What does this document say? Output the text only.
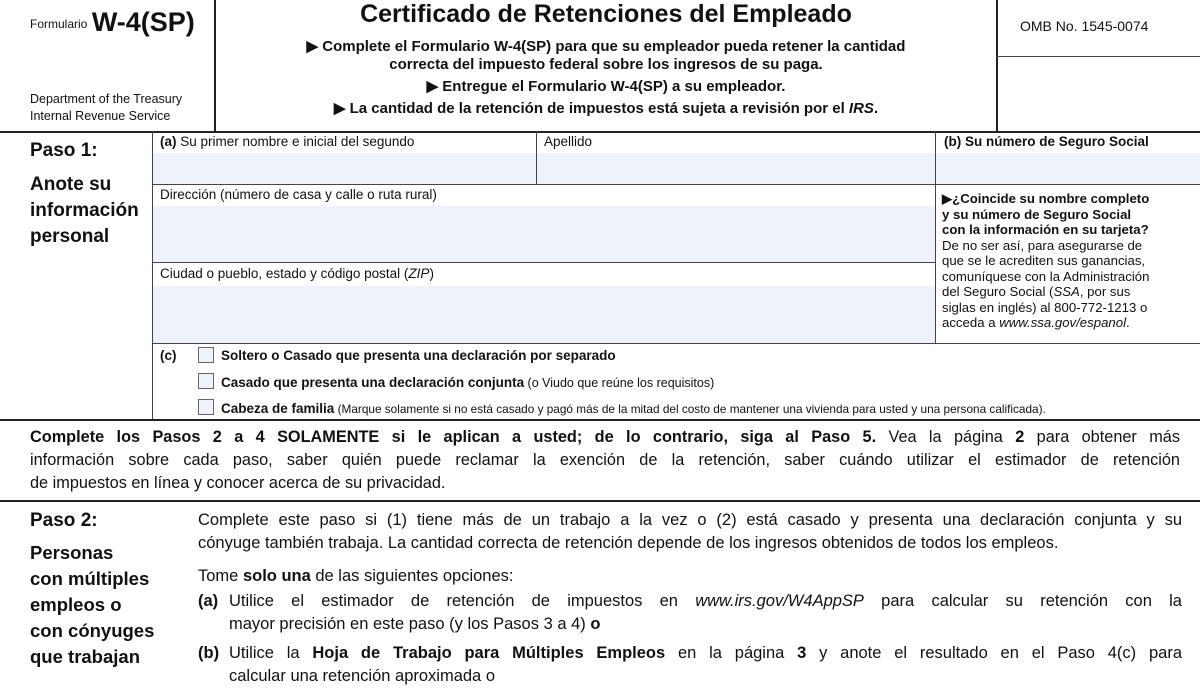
Formulario W-4(SP)
Department of the Treasury
Internal Revenue Service
Certificado de Retenciones del Empleado
▶ Complete el Formulario W-4(SP) para que su empleador pueda retener la cantidad
correcta del impuesto federal sobre los ingresos de su paga.
▶ Entregue el Formulario W-4(SP) a su empleador.
▶ La cantidad de la retención de impuestos está sujeta a revisión por el IRS.
OMB No. 1545-0074
Paso 1:
Anote su
información
personal
(a) Su primer nombre e inicial del segundo	Apellido	(b) Su número de Seguro Social
Dirección (número de casa y calle o ruta rural)
Ciudad o pueblo, estado y código postal (ZIP)
▶¿Coincide su nombre completo
y su número de Seguro Social
con la información en su tarjeta?
De no ser así, para asegurarse de
que se le acrediten sus ganancias,
comuníquese con la Administración
del Seguro Social (SSA, por sus
siglas en inglés) al 800-772-1213 o
acceda a www.ssa.gov/espanol.
(c)	Soltero o Casado que presenta una declaración por separado
Casado que presenta una declaración conjunta (o Viudo que reúne los requisitos)
Cabeza de familia (Marque solamente si no está casado y pagó más de la mitad del costo de mantener una vivienda para usted y una persona calificada).
Complete los Pasos 2 a 4 SOLAMENTE si le aplican a usted; de lo contrario, siga al Paso 5. Vea la página 2 para obtener más
información sobre cada paso, saber quién puede reclamar la exención de la retención, saber cuándo utilizar el estimador de retención
de impuestos en línea y conocer acerca de su privacidad.
Paso 2:
Personas
con múltiples
empleos o
con cónyuges
que trabajan
Complete este paso si (1) tiene más de un trabajo a la vez o (2) está casado y presenta una declaración conjunta y su
cónyuge también trabaja. La cantidad correcta de retención depende de los ingresos obtenidos de todos los empleos.
Tome solo una de las siguientes opciones:
(a) Utilice el estimador de retención de impuestos en www.irs.gov/W4AppSP para calcular su retención con la
mayor precisión en este paso (y los Pasos 3 a 4) o
(b) Utilice la Hoja de Trabajo para Múltiples Empleos en la página 3 y anote el resultado en el Paso 4(c) para
calcular una retención aproximada o
